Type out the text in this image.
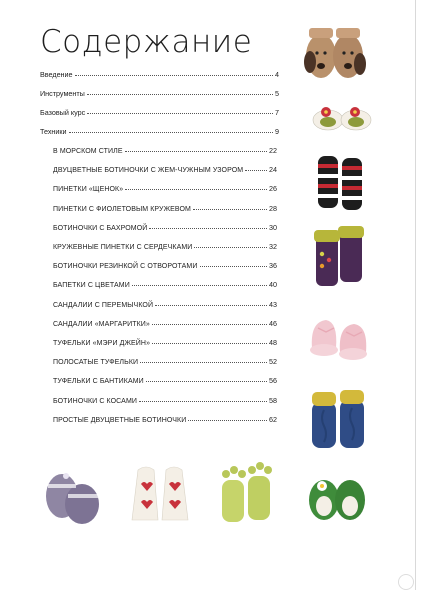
Содержание
Введение	4
Инструменты	5
Базовый курс	7
Техники	9
В МОРСКОМ СТИЛЕ	22
ДВУЦВЕТНЫЕ БОТИНОЧКИ С ЖЕМ-ЧУЖНЫМ УЗОРОМ	24
ПИНЕТКИ «ЩЕНОК»	26
ПИНЕТКИ С ФИОЛЕТОВЫМ КРУЖЕВОМ	28
БОТИНОЧКИ С БАХРОМОЙ	30
КРУЖЕВНЫЕ ПИНЕТКИ С СЕРДЕЧКАМИ	32
БОТИНОЧКИ РЕЗИНКОЙ С ОТВОРОТАМИ	36
БАПЕТКИ С ЦВЕТАМИ	40
САНДАЛИИ С ПЕРЕМЫЧКОЙ	43
САНДАЛИИ «МАРГАРИТКИ»	46
ТУФЕЛЬКИ «МЭРИ ДЖЕЙН»	48
ПОЛОСАТЫЕ ТУФЕЛЬКИ	52
ТУФЕЛЬКИ С БАНТИКАМИ	56
БОТИНОЧКИ С КОСАМИ	58
ПРОСТЫЕ ДВУЦВЕТНЫЕ БОТИНОЧКИ	62
